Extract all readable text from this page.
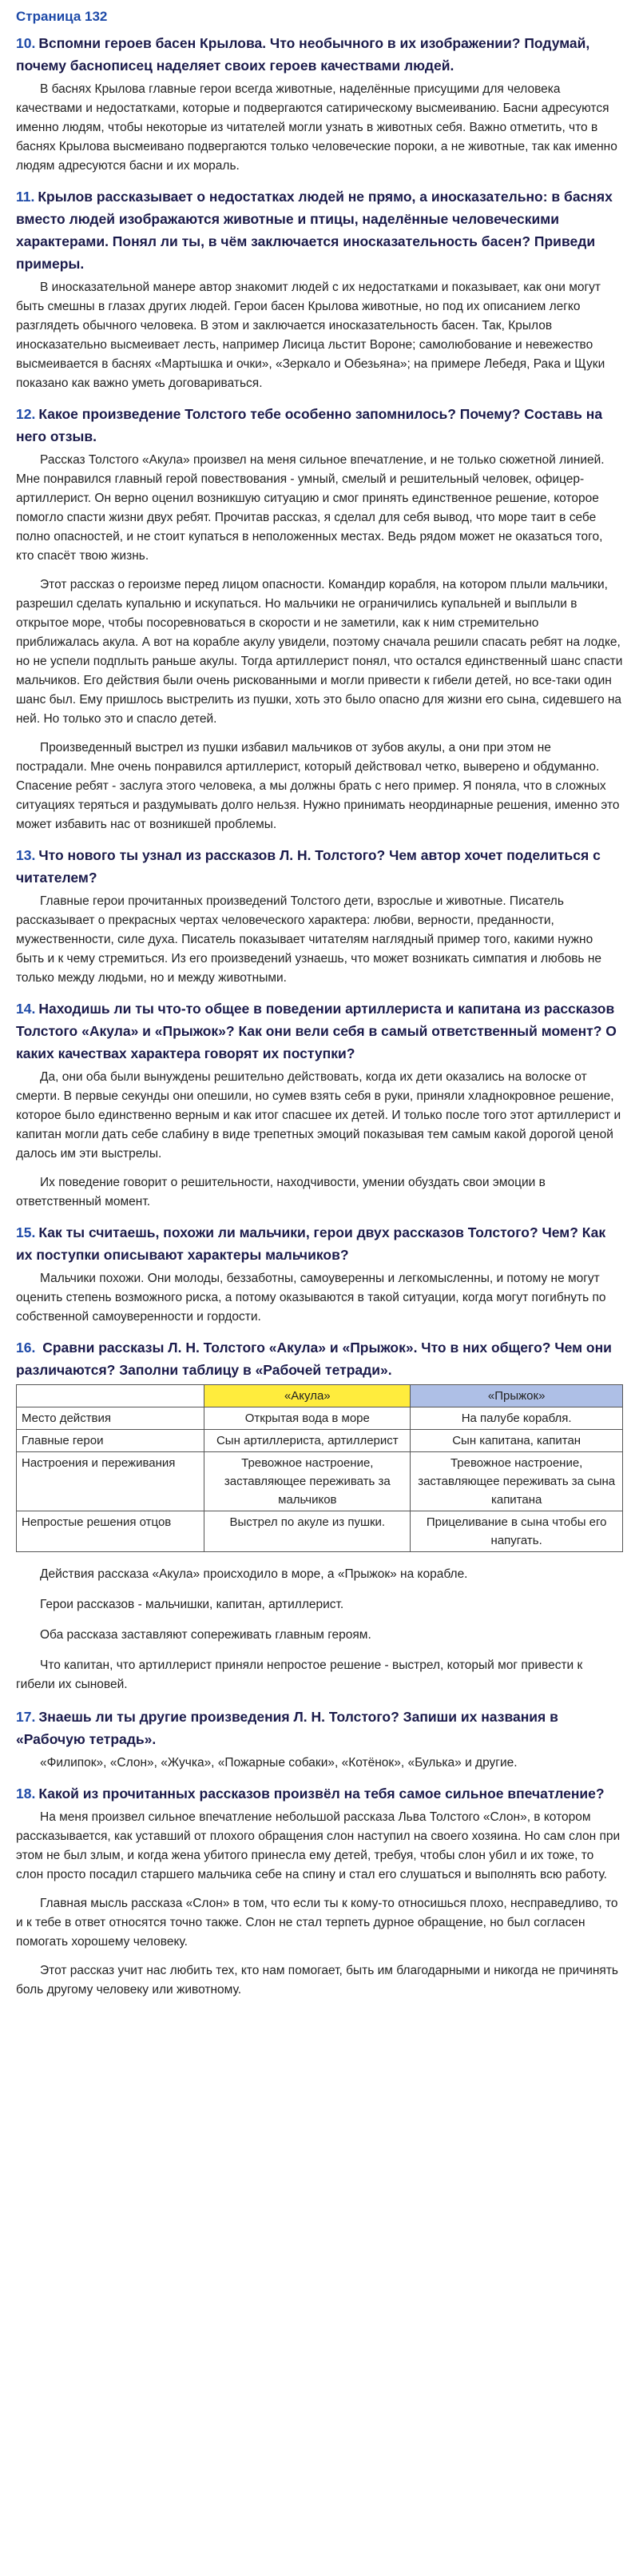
Страница 132
10. Вспомни героев басен Крылова. Что необычного в их изображении? Подумай, почему баснописец наделяет своих героев качествами людей.

В баснях Крылова главные герои всегда животные, наделённые присущими для человека качествами и недостатками, которые и подвергаются сатирическому высмеиванию. Басни адресуются именно людям, чтобы некоторые из читателей могли узнать в животных себя. Важно отметить, что в баснях Крылова высмеивано подвергаются только человеческие пороки, а не животные, так как именно людям адресуются басни и их мораль.

11. Крылов рассказывает о недостатках людей не прямо, а иносказательно: в баснях вместо людей изображаются животные и птицы, наделённые человеческими характерами. Понял ли ты, в чём заключается иносказательность басен? Приведи примеры.

В иносказательной манере автор знакомит людей с их недостатками и показывает, как они могут быть смешны в глазах других людей. Герои басен Крылова животные, но под их описанием легко разглядеть обычного человека. В этом и заключается иносказательность басен. Так, Крылов иносказательно высмеивает лесть, например Лисица льстит Вороне; самолюбование и невежество высмеивается в баснях «Мартышка и очки», «Зеркало и Обезьяна»; на примере Лебедя, Рака и Щуки показано как важно уметь договариваться.

12. Какое произведение Толстого тебе особенно запомнилось? Почему? Составь на него отзыв.

Рассказ Толстого «Акула» произвел на меня сильное впечатление, и не только сюжетной линией. Мне понравился главный герой повествования - умный, смелый и решительный человек, офицер-артиллерист. Он верно оценил возникшую ситуацию и смог принять единственное решение, которое помогло спасти жизни двух ребят. Прочитав рассказ, я сделал для себя вывод, что море таит в себе полно опасностей, и не стоит купаться в неположенных местах. Ведь рядом может не оказаться того, кто спасёт твою жизнь.

Этот рассказ о героизме перед лицом опасности. Командир корабля, на котором плыли мальчики, разрешил сделать купальню и искупаться. Но мальчики не ограничились купальней и выплыли в открытое море, чтобы посоревноваться в скорости и не заметили, как к ним стремительно приближалась акула. А вот на корабле акулу увидели, поэтому сначала решили спасать ребят на лодке, но не успели подплыть раньше акулы. Тогда артиллерист понял, что остался единственный шанс спасти мальчиков. Его действия были очень рискованными и могли привести к гибели детей, но все-таки один шанс был. Ему пришлось выстрелить из пушки, хоть это было опасно для жизни его сына, сидевшего на ней. Но только это и спасло детей.

Произведенный выстрел из пушки избавил мальчиков от зубов акулы, а они при этом не пострадали. Мне очень понравился артиллерист, который действовал четко, выверено и обдуманно. Спасение ребят - заслуга этого человека, а мы должны брать с него пример. Я поняла, что в сложных ситуациях теряться и раздумывать долго нельзя. Нужно принимать неординарные решения, именно это может избавить нас от возникшей проблемы.

13. Что нового ты узнал из рассказов Л. Н. Толстого? Чем автор хочет поделиться с читателем?

Главные герои прочитанных произведений Толстого дети, взрослые и животные. Писатель рассказывает о прекрасных чертах человеческого характера: любви, верности, преданности, мужественности, силе духа. Писатель показывает читателям наглядный пример того, какими нужно быть и к чему стремиться. Из его произведений узнаешь, что может возникать симпатия и любовь не только между людьми, но и между животными.

14. Находишь ли ты что-то общее в поведении артиллериста и капитана из рассказов Толстого «Акула» и «Прыжок»? Как они вели себя в самый ответственный момент? О каких качествах характера говорят их поступки?

Да, они оба были вынуждены решительно действовать, когда их дети оказались на волоске от смерти. В первые секунды они опешили, но сумев взять себя в руки, приняли хладнокровное решение, которое было единственно верным и как итог спасшее их детей. И только после того этот артиллерист и капитан могли дать себе слабину в виде трепетных эмоций показывая тем самым какой дорогой ценой далось им эти выстрелы.

Их поведение говорит о решительности, находчивости, умении обуздать свои эмоции в ответственный момент.

15. Как ты считаешь, похожи ли мальчики, герои двух рассказов Толстого? Чем? Как их поступки описывают характеры мальчиков?

Мальчики похожи. Они молоды, беззаботны, самоуверенны и легкомысленны, и потому не могут оценить степень возможного риска, а потому оказываются в такой ситуации, когда могут погибнуть по собственной самоуверенности и гордости.

16. Сравни рассказы Л. Н. Толстого «Акула» и «Прыжок». Что в них общего? Чем они различаются? Заполни таблицу в «Рабочей тетради».
	«Акула»	«Прыжок»
Место действия	Открытая вода в море	На палубе корабля.
Главные герои	Сын артиллериста, артиллерист	Сын капитана, капитан
Настроения и переживания	Тревожное настроение, заставляющее переживать за мальчиков	Тревожное настроение, заставляющее переживать за сына капитана
Непростые решения отцов	Выстрел по акуле из пушки.	Прицеливание в сына чтобы его напугать.

Действия рассказа «Акула» происходило в море, а «Прыжок» на корабле.

Герои рассказов - мальчишки, капитан, артиллерист.

Оба рассказа заставляют сопереживать главным героям.

Что капитан, что артиллерист приняли непростое решение - выстрел, который мог привести к гибели их сыновей.

17. Знаешь ли ты другие произведения Л. Н. Толстого? Запиши их названия в «Рабочую тетрадь».

«Филипок», «Слон», «Жучка», «Пожарные собаки», «Котёнок», «Булька» и другие.

18. Какой из прочитанных рассказов произвёл на тебя самое сильное впечатление?

На меня произвел сильное впечатление небольшой рассказа Льва Толстого «Слон», в котором рассказывается, как уставший от плохого обращения слон наступил на своего хозяина. Но сам слон при этом не был злым, и когда жена убитого принесла ему детей, требуя, чтобы слон убил и их тоже, то слон просто посадил старшего мальчика себе на спину и стал его слушаться и выполнять всю работу.

Главная мысль рассказа «Слон» в том, что если ты к кому-то относишься плохо, несправедливо, то и к тебе в ответ относятся точно также. Слон не стал терпеть дурное обращение, но был согласен помогать хорошему человеку.

Этот рассказ учит нас любить тех, кто нам помогает, быть им благодарными и никогда не причинять боль другому человеку или животному.
